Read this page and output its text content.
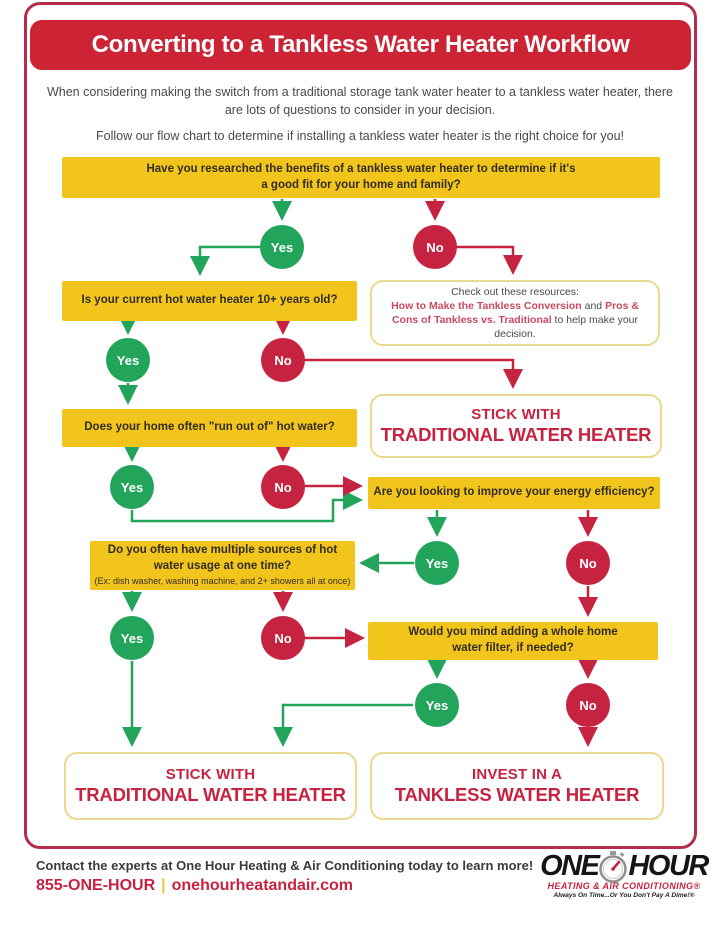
Converting to a Tankless Water Heater Workflow
When considering making the switch from a traditional storage tank water heater to a tankless water heater, there are lots of questions to consider in your decision.
Follow our flow chart to determine if installing a tankless water heater is the right choice for you!
Have you researched the benefits of a tankless water heater to determine if it's a good fit for your home and family?
Is your current hot water heater 10+ years old?
Check out these resources:
How to Make the Tankless Conversion and Pros & Cons of Tankless vs. Traditional to help make your decision.
STICK WITH
TRADITIONAL WATER HEATER
Does your home often "run out of" hot water?
Are you looking to improve your energy efficiency?
Do you often have multiple sources of hot water usage at one time?
(Ex: dish washer, washing machine, and 2+ showers all at once)
Would you mind adding a whole home water filter, if needed?
STICK WITH
TRADITIONAL WATER HEATER
INVEST IN A
TANKLESS WATER HEATER
Yes	No
Yes	No
Yes	No
Yes	No
Yes	No
Yes	No
Contact the experts at One Hour Heating & Air Conditioning today to learn more!
855-ONE-HOUR | onehourheatandair.com
ONE HOUR
HEATING & AIR CONDITIONING®
Always On Time...Or You Don't Pay A Dime!®
